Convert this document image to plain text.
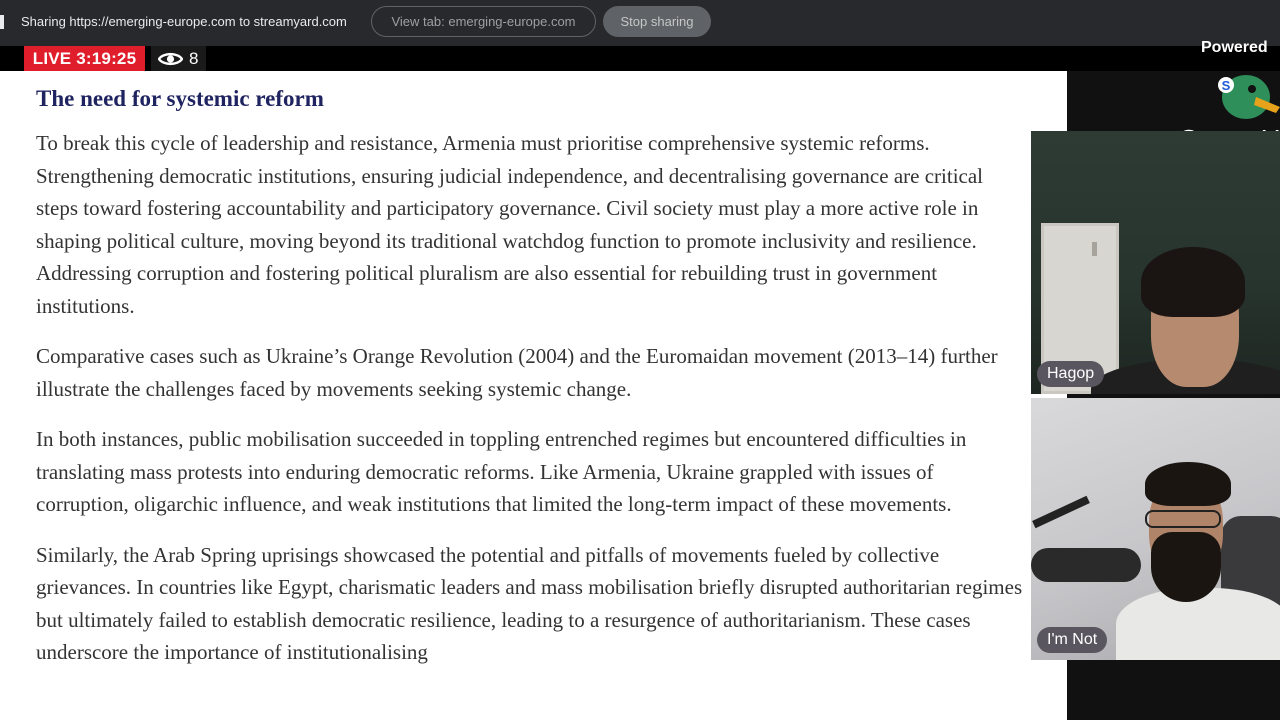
Sharing https://emerging-europe.com to streamyard.com	View tab: emerging-europe.com	Stop sharing
LIVE 3:19:25	8
The need for systemic reform

To break this cycle of leadership and resistance, Armenia must prioritise comprehensive systemic reforms. Strengthening democratic institutions, ensuring judicial independence, and decentralising governance are critical steps toward fostering accountability and participatory governance. Civil society must play a more active role in shaping political culture, moving beyond its traditional watchdog function to promote inclusivity and resilience. Addressing corruption and fostering political pluralism are also essential for rebuilding trust in government institutions.

Comparative cases such as Ukraine’s Orange Revolution (2004) and the Euromaidan movement (2013–14) further illustrate the challenges faced by movements seeking systemic change.

In both instances, public mobilisation succeeded in toppling entrenched regimes but encountered difficulties in translating mass protests into enduring democratic reforms. Like Armenia, Ukraine grappled with issues of corruption, oligarchic influence, and weak institutions that limited the long-term impact of these movements.

Similarly, the Arab Spring uprisings showcased the potential and pitfalls of movements fueled by collective grievances. In countries like Egypt, charismatic leaders and mass mobilisation briefly disrupted authoritarian regimes but ultimately failed to establish democratic resilience, leading to a resurgence of authoritarianism. These cases underscore the importance of institutionalising

Powered
S
Hagop
I'm Not
